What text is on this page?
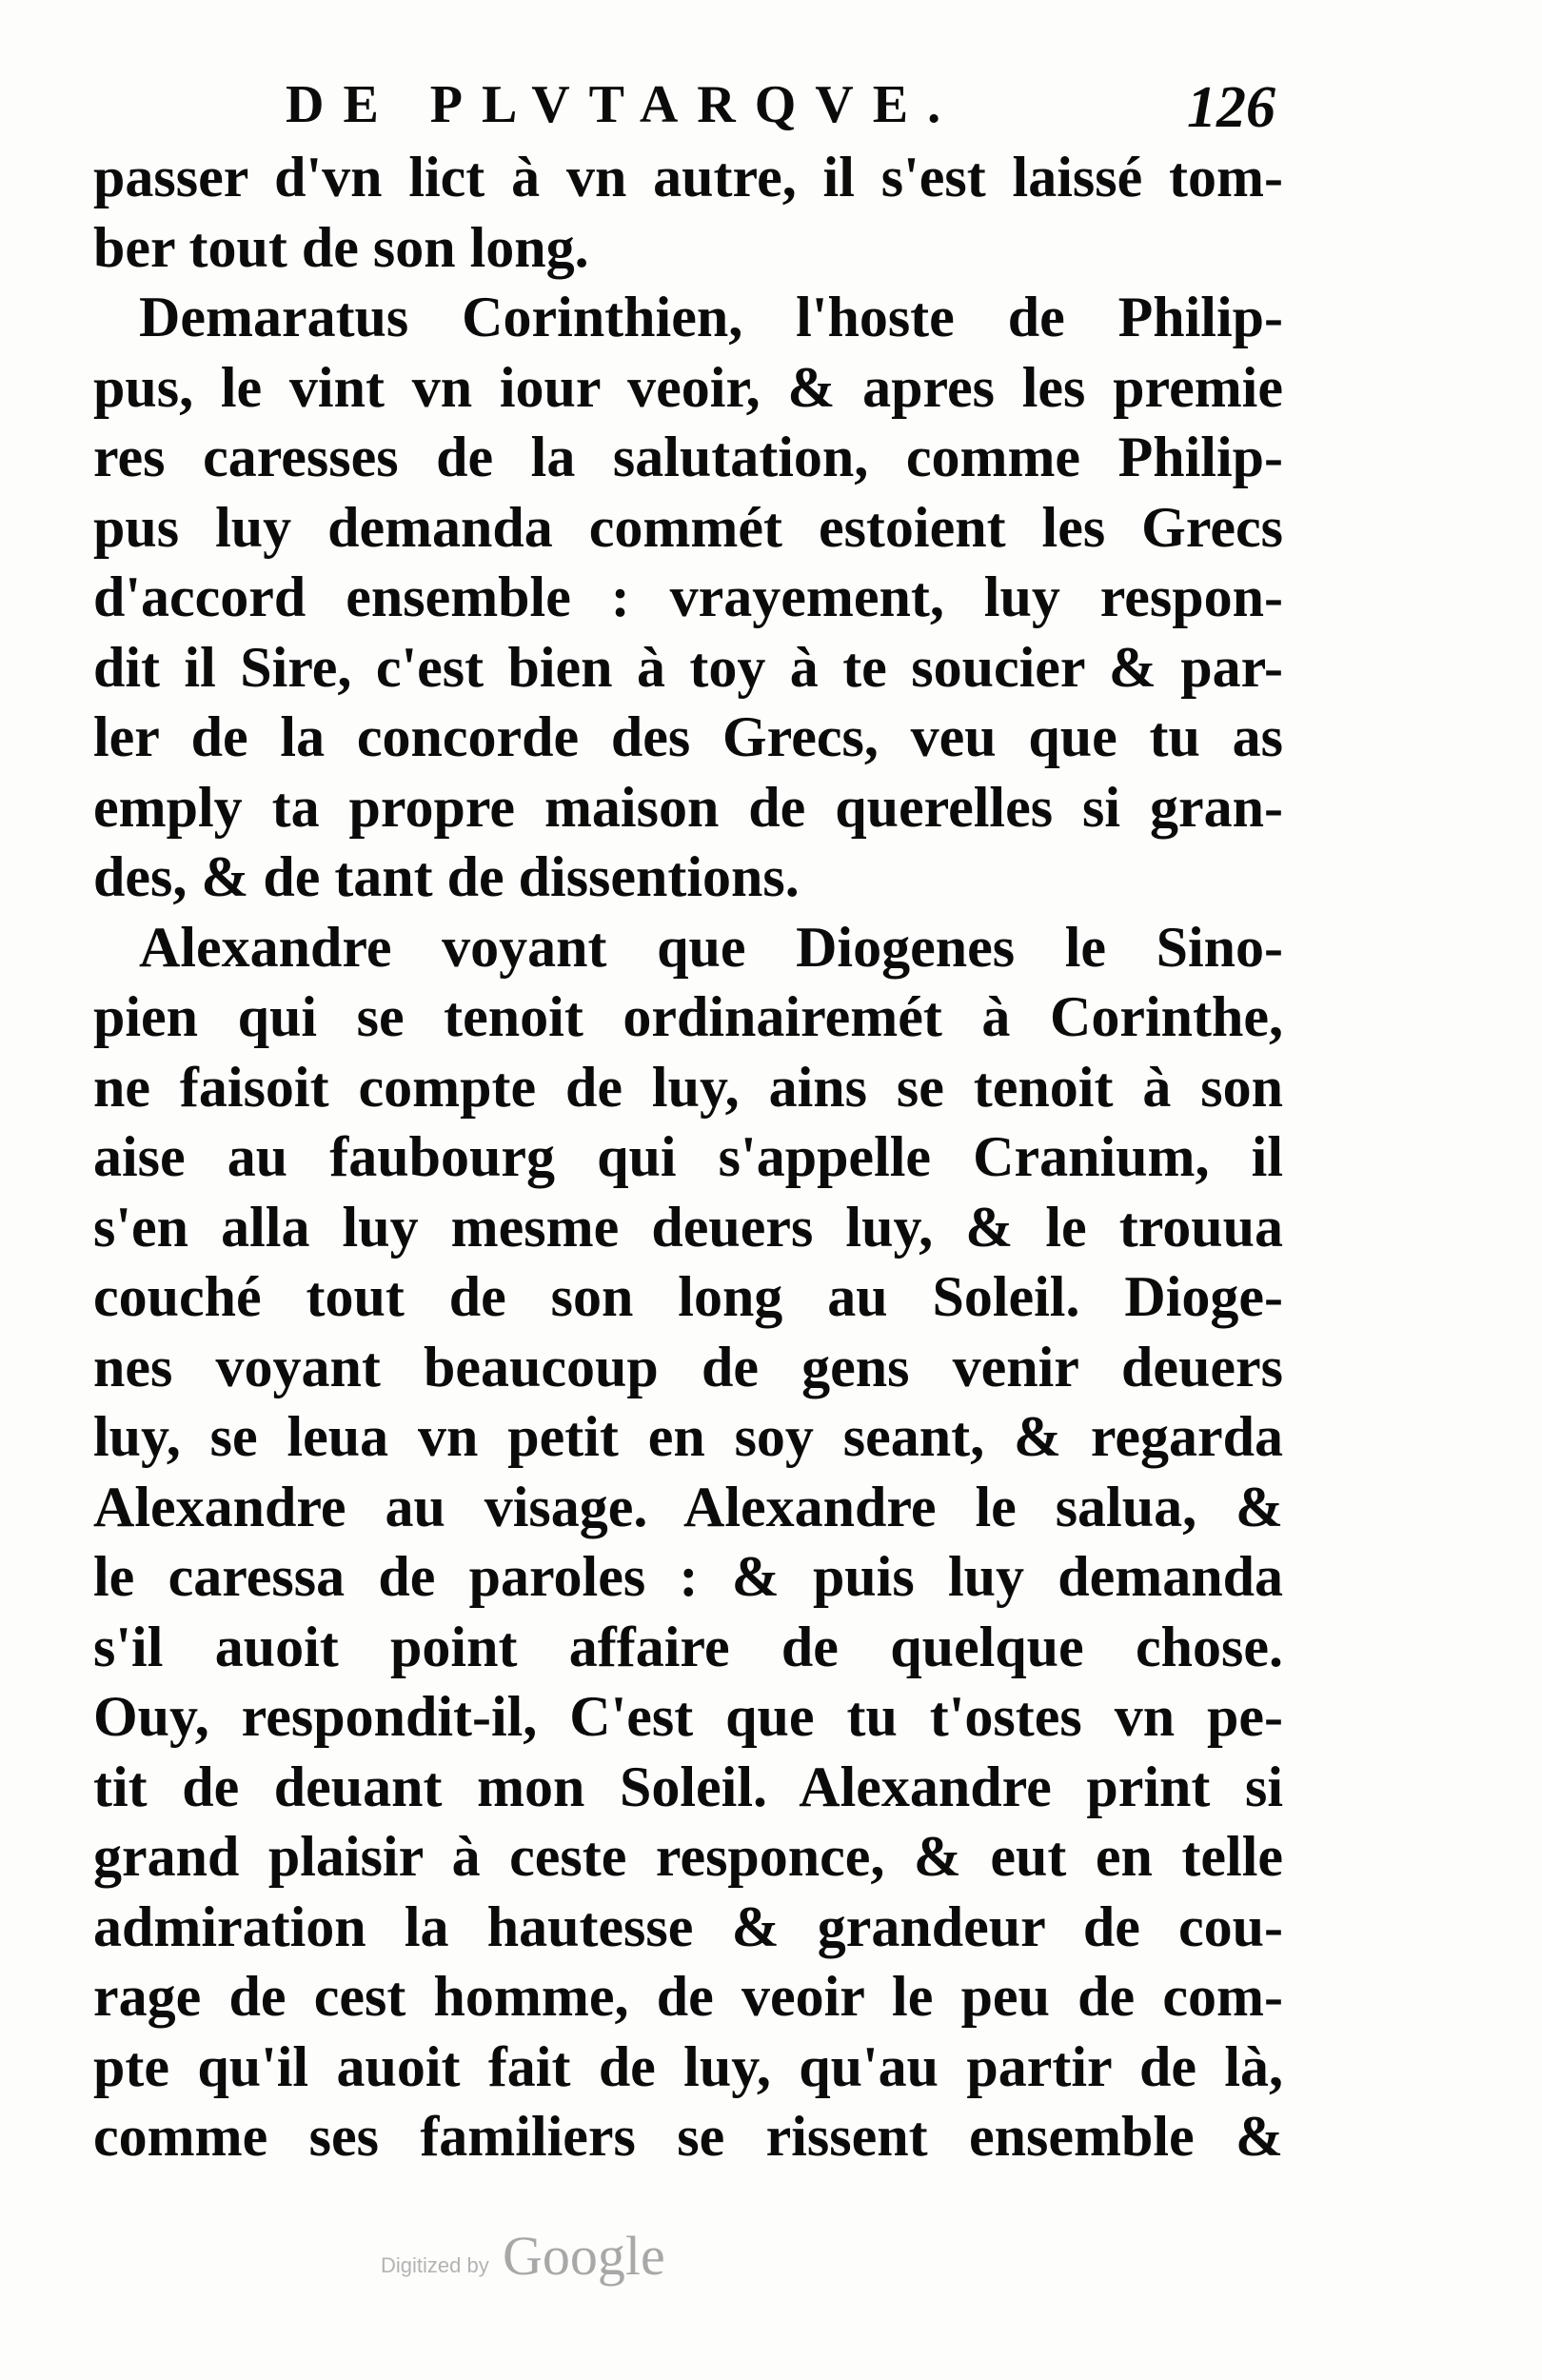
DE PLVTARQVE.	126
passer d'vn lict à vn autre, il s'est laissé tom-
ber tout de son long.
Demaratus Corinthien, l'hoste de Philip-
pus, le vint vn iour veoir, & apres les premie
res caresses de la salutation, comme Philip-
pus luy demanda commét estoient les Grecs
d'accord ensemble : vrayement, luy respon-
dit il Sire, c'est bien à toy à te soucier & par-
ler de la concorde des Grecs, veu que tu as
emply ta propre maison de querelles si gran-
des, & de tant de dissentions.
Alexandre voyant que Diogenes le Sino-
pien qui se tenoit ordinairemét à Corinthe,
ne faisoit compte de luy, ains se tenoit à son
aise au faubourg qui s'appelle Cranium, il
s'en alla luy mesme deuers luy, & le trouua
couché tout de son long au Soleil. Dioge-
nes voyant beaucoup de gens venir deuers
luy, se leua vn petit en soy seant, & regarda
Alexandre au visage. Alexandre le salua, &
le caressa de paroles : & puis luy demanda
s'il auoit point affaire de quelque chose.
Ouy, respondit-il, C'est que tu t'ostes vn pe-
tit de deuant mon Soleil. Alexandre print si
grand plaisir à ceste responce, & eut en telle
admiration la hautesse & grandeur de cou-
rage de cest homme, de veoir le peu de com-
pte qu'il auoit fait de luy, qu'au partir de là,
comme ses familiers se rissent ensemble &
Digitized by Google
